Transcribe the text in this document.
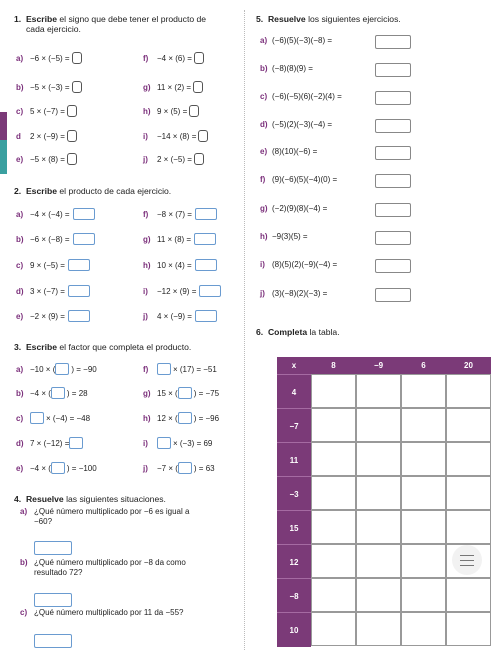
1. Escribe el signo que debe tener el producto de
cada ejercicio.
a) −6 × (−5) =	f)	−4 × (6) =
b) −5 × (−3) =	g) 11 × (2) =
c) 5 × (−7) =	h) 9 × (5) =
d	2 × (−9) =	i)	−14 × (8) =
e) −5 × (8) =	j)	2 × (−5) =
2. Escribe el producto de cada ejercicio.
a) −4 × (−4) =	f)	−8 × (7) =
b) −6 × (−8) =	g) 11 × (8) =
c) 9 × (−5) =	h) 10 × (4) =
d) 3 × (−7) =	i)	−12 × (9) =
e) −2 × (9) =	j)	4 × (−9) =
3. Escribe el factor que completa el producto.
a) −10 × ( ) = −90	f)	× (17) = −51
b) −4 × ( ) = 28	g) 15 × ( ) = −75
c)	× (−4) = −48	h) 12 × ( ) = −96
d) 7 × (−12) =	i)	× (−3) = 69
e) −4 × ( ) = −100	j)	−7 × ( ) = 63
4. Resuelve las siguientes situaciones.
a) ¿Qué número multiplicado por −6 es igual a
−60?
b) ¿Qué número multiplicado por −8 da como
resultado 72?
c) ¿Qué número multiplicado por 11 da −55?
5. Resuelve los siguientes ejercicios.
a) (−6)(5)(−3)(−8) =
b) (−8)(8)(9) =
c) (−6)(−5)(6)(−2)(4) =
d) (−5)(2)(−3)(−4) =
e) (8)(10)(−6) =
f) (9)(−6)(5)(−4)(0) =
g) (−2)(9)(8)(−4) =
h) −9(3)(5) =
i) (8)(5)(2)(−9)(−4) =
j) (3)(−8)(2)(−3) =
6. Completa la tabla.
x	8	−9	6	20
4
−7
11
−3
15
12
−8
10
